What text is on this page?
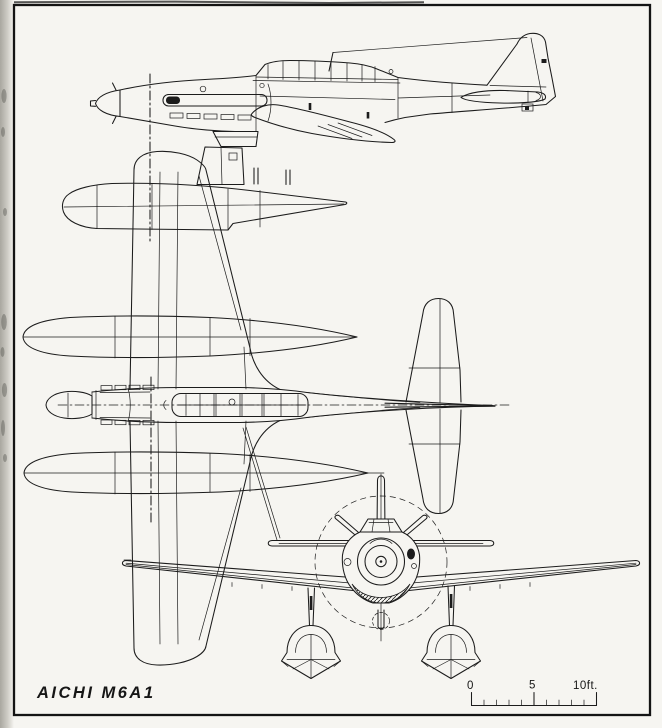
AICHI M6A1	0	5	10ft.
